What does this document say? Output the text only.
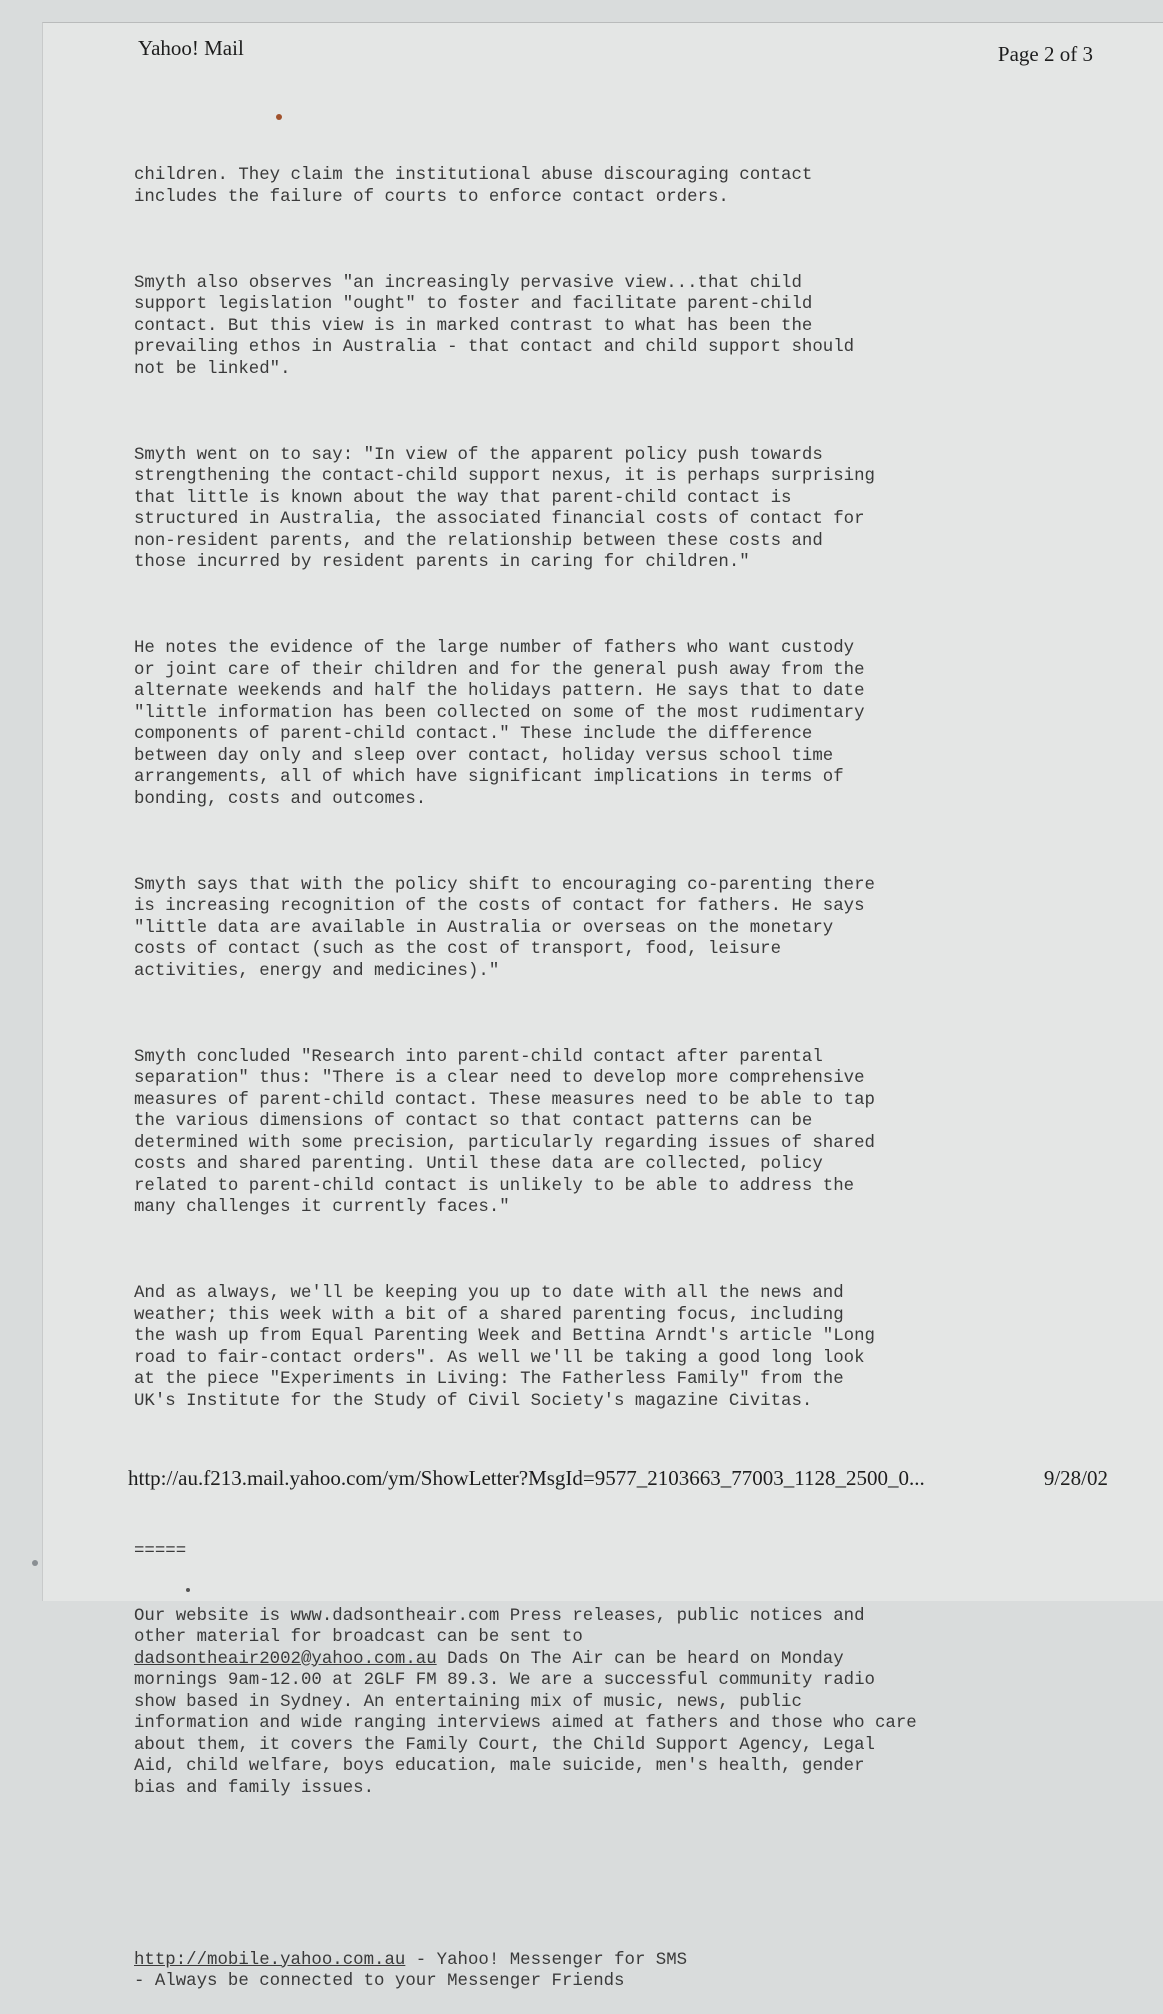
Yahoo! Mail	Page 2 of 3

children. They claim the institutional abuse discouraging contact
includes the failure of courts to enforce contact orders.

Smyth also observes "an increasingly pervasive view...that child
support legislation "ought" to foster and facilitate parent-child
contact. But this view is in marked contrast to what has been the
prevailing ethos in Australia - that contact and child support should
not be linked".

Smyth went on to say: "In view of the apparent policy push towards
strengthening the contact-child support nexus, it is perhaps surprising
that little is known about the way that parent-child contact is
structured in Australia, the associated financial costs of contact for
non-resident parents, and the relationship between these costs and
those incurred by resident parents in caring for children."

He notes the evidence of the large number of fathers who want custody
or joint care of their children and for the general push away from the
alternate weekends and half the holidays pattern. He says that to date
"little information has been collected on some of the most rudimentary
components of parent-child contact." These include the difference
between day only and sleep over contact, holiday versus school time
arrangements, all of which have significant implications in terms of
bonding, costs and outcomes.

Smyth says that with the policy shift to encouraging co-parenting there
is increasing recognition of the costs of contact for fathers. He says
"little data are available in Australia or overseas on the monetary
costs of contact (such as the cost of transport, food, leisure
activities, energy and medicines)."

Smyth concluded "Research into parent-child contact after parental
separation" thus: "There is a clear need to develop more comprehensive
measures of parent-child contact. These measures need to be able to tap
the various dimensions of contact so that contact patterns can be
determined with some precision, particularly regarding issues of shared
costs and shared parenting. Until these data are collected, policy
related to parent-child contact is unlikely to be able to address the
many challenges it currently faces."

And as always, we'll be keeping you up to date with all the news and
weather; this week with a bit of a shared parenting focus, including
the wash up from Equal Parenting Week and Bettina Arndt's article "Long
road to fair-contact orders". As well we'll be taking a good long look
at the piece "Experiments in Living: The Fatherless Family" from the
UK's Institute for the Study of Civil Society's magazine Civitas.

=====

Our website is www.dadsontheair.com Press releases, public notices and
other material for broadcast can be sent to
dadsontheair2002@yahoo.com.au Dads On The Air can be heard on Monday
mornings 9am-12.00 at 2GLF FM 89.3. We are a successful community radio
show based in Sydney. An entertaining mix of music, news, public
information and wide ranging interviews aimed at fathers and those who care
about them, it covers the Family Court, the Child Support Agency, Legal
Aid, child welfare, boys education, male suicide, men's health, gender
bias and family issues.

http://mobile.yahoo.com.au - Yahoo! Messenger for SMS
- Always be connected to your Messenger Friends

http://au.f213.mail.yahoo.com/ym/ShowLetter?MsgId=9577_2103663_77003_1128_2500_0...	9/28/02
